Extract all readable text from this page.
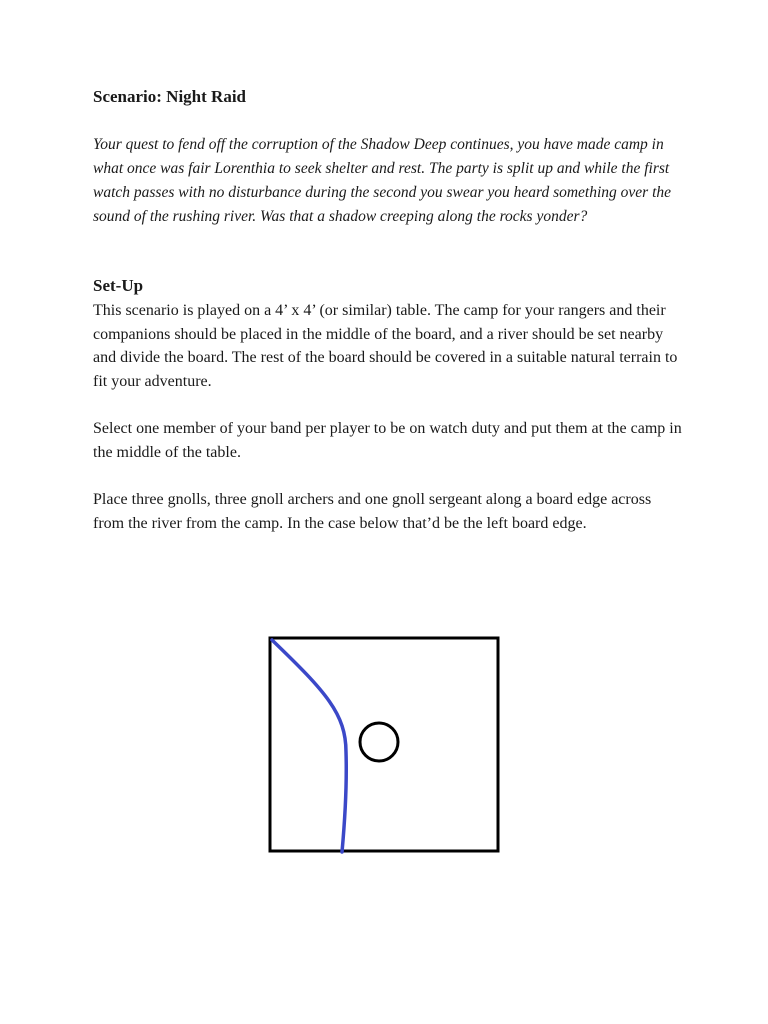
Scenario: Night Raid

Your quest to fend off the corruption of the Shadow Deep continues, you have made camp in what once was fair Lorenthia to seek shelter and rest. The party is split up and while the first watch passes with no disturbance during the second you swear you heard something over the sound of the rushing river. Was that a shadow creeping along the rocks yonder?

Set-Up

This scenario is played on a 4’ x 4’ (or similar) table. The camp for your rangers and their companions should be placed in the middle of the board, and a river should be set nearby and divide the board. The rest of the board should be covered in a suitable natural terrain to fit your adventure.

Select one member of your band per player to be on watch duty and put them at the camp in the middle of the table.

Place three gnolls, three gnoll archers and one gnoll sergeant along a board edge across from the river from the camp. In the case below that’d be the left board edge.
